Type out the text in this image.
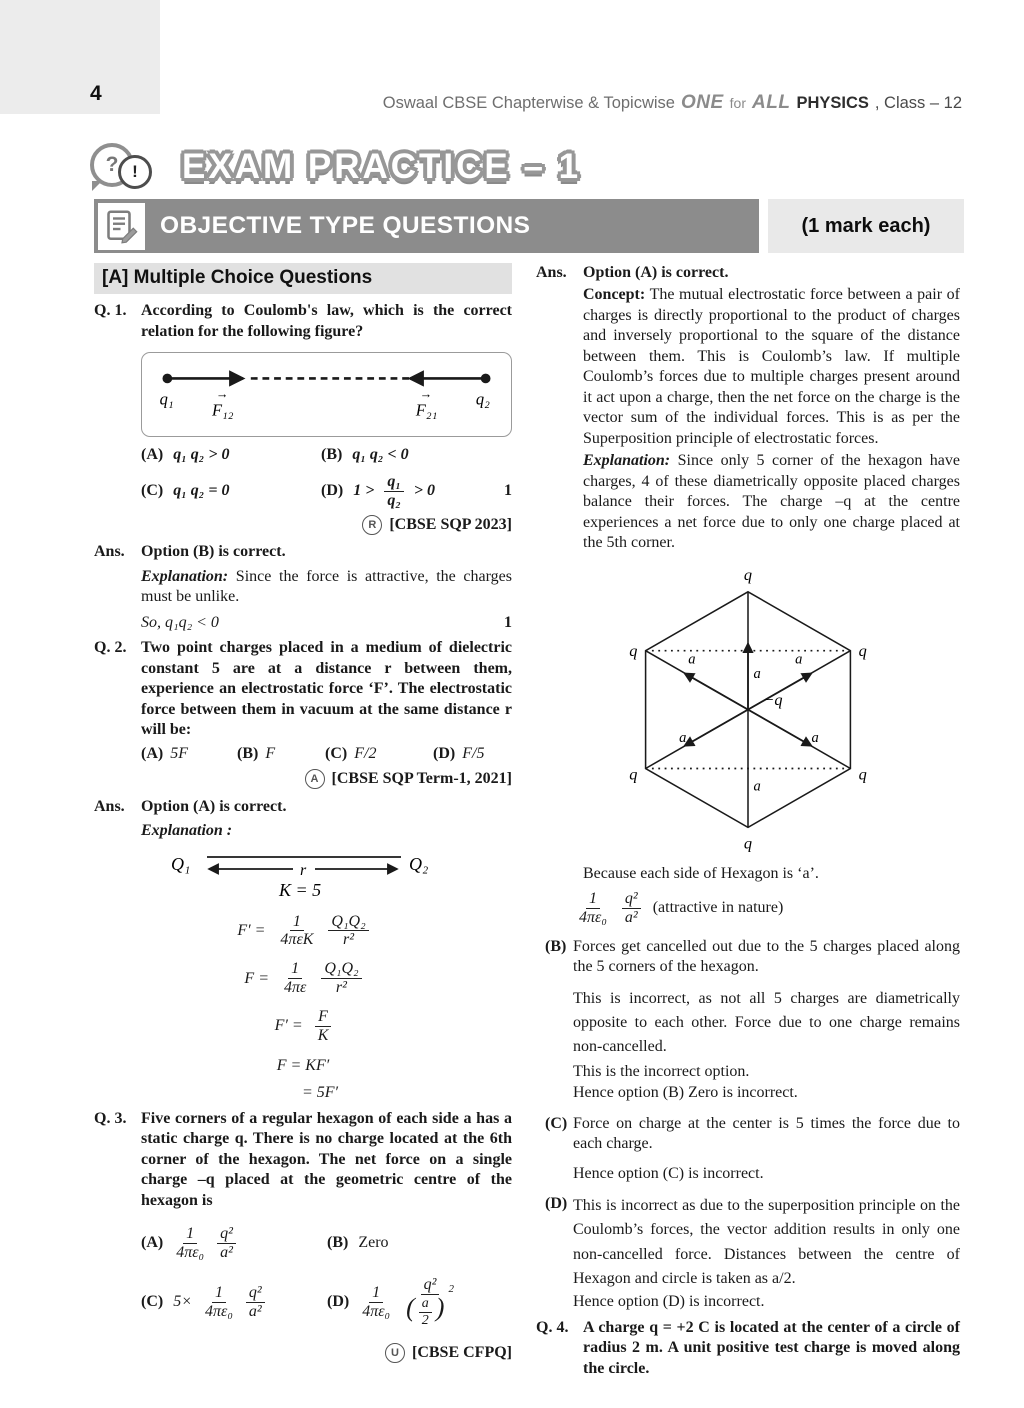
4	Oswaal CBSE Chapterwise & Topicwise ONE for ALL PHYSICS , Class – 12
? !	EXAM PRACTICE – 1
OBJECTIVE TYPE QUESTIONS	(1 mark each)
[A] Multiple Choice Questions
Q. 1. According to Coulomb's law, which is the correct relation for the following figure?
q₁	→
F₁₂
→
F₂₁
q₂
(A) q₁ q₂ > 0	(B) q₁ q₂ < 0
(C) q₁ q₂ = 0	(D) $1 > \frac{\text{q₁}}{\text{q₂}} > 0$	1
R [CBSE SQP 2023]
Ans.	Option (B) is correct.
Explanation: Since the force is attractive, the charges must be unlike.
So, q₁q₂ < 0	1
Q. 2. Two point charges placed in a medium of dielectric constant 5 are at a distance r between them, experience an electrostatic force ‘F’. The electrostatic force between them in vacuum at the same distance r will be:
(A) 5F	(B) F	(C) F/2	(D) F/5
A [CBSE SQP Term-1, 2021]
Ans.	Option (A) is correct.
Explanation :
Q₁	Q₂
r
K = 5
$F' = \frac{1}{\text{4πεK}} \frac{\text{Q₁Q₂}}{\text{r²}}$
$F = \frac{1}{4\pi\varepsilon} \frac{\text{Q₁Q₂}}{\text{r²}}$
$F' = \frac{F}{K}$
F = KF′
= 5F′
Q. 3. Five corners of a regular hexagon of each side a has a static charge q. There is no charge located at the 6th corner of the hexagon. The net force on a single charge –q placed at the geometric centre of the hexagon is
$(A) \frac{1}{\text{4πε₀}} \frac{\text{q²}}{\text{a²}}$	(B) Zero
(C) $5\times \frac{1}{\text{4πε₀}} \frac{\text{q²}}{\text{a²}}$	$(D) \frac{1}{\text{4πε₀}} \frac{\text{q²}}{( \frac{a}{2} ) ^2}$
U [CBSE CFPQ]
Ans.	Option (A) is correct.
Concept: The mutual electrostatic force between a pair of charges is directly proportional to the product of charges and inversely proportional to the square of the distance between them. This is Coulomb’s law. If multiple Coulomb’s forces due to multiple charges present around it act upon a charge, then the net force on the charge is the vector sum of the individual forces. This is as per the Superposition principle of electrostatic forces.
Explanation: Since only 5 corner of the hexagon have charges, 4 of these diametrically opposite placed charges balance their forces. The charge –q at the centre experiences a net force due to only one charge placed at the 5th corner.
q
q	q
q	q
q
−q
a
a	a
a	a
a
Because each side of Hexagon is ‘a’.
$\frac{1}{\text{4πε₀}} \frac{\text{q²}}{\text{a²}}$ (attractive in nature)
(B) Forces get cancelled out due to the 5 charges placed along the 5 corners of the hexagon.
This is incorrect, as not all 5 charges are diametrically opposite to each other. Force due to one charge remains non-cancelled.
This is the incorrect option.
Hence option (B) Zero is incorrect.
(C) Force on charge at the center is 5 times the force due to each charge.
Hence option (C) is incorrect.
(D) This is incorrect as due to the superposition principle on the Coulomb’s forces, the vector addition results in only one non-cancelled force. Distances between the centre of Hexagon and circle is taken as a/2.
Hence option (D) is incorrect.
Q. 4. A charge q = +2 C is located at the center of a circle of radius 2 m. A unit positive test charge is moved along the circle.
